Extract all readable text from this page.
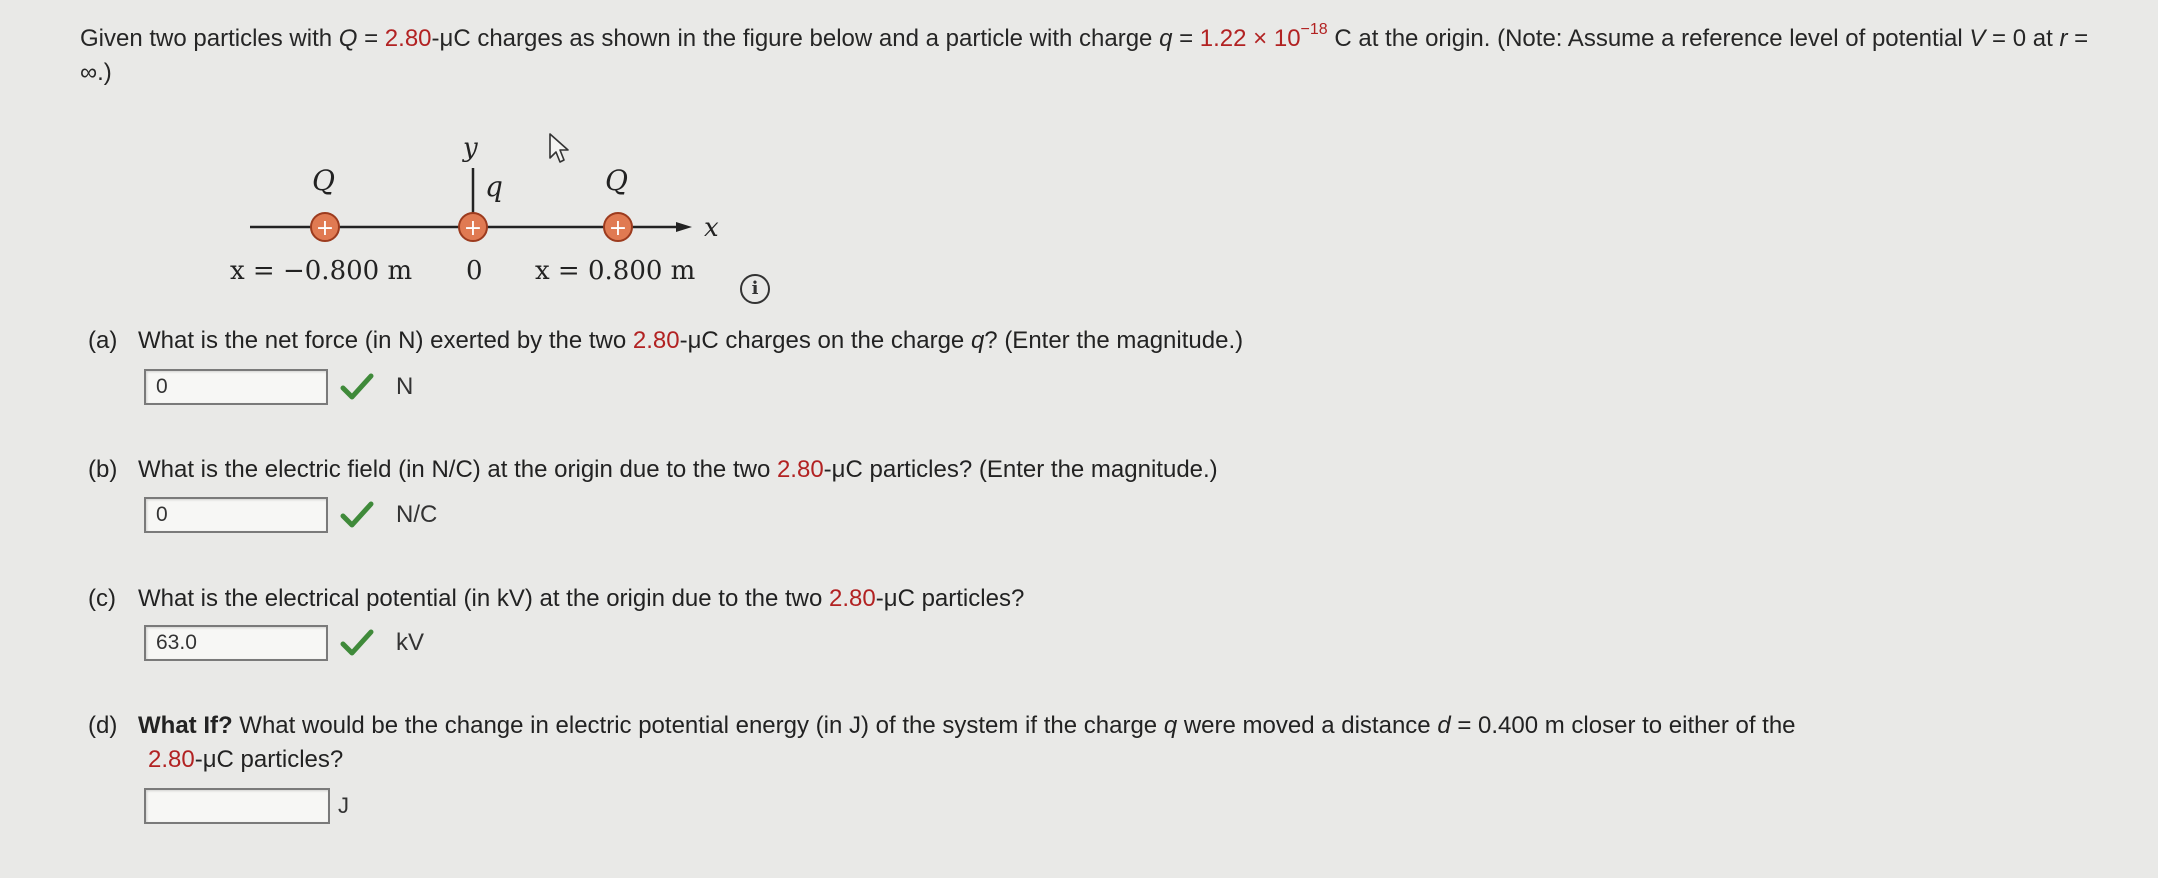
Given two particles with Q = 2.80-μC charges as shown in the figure below and a particle with charge $q = 1.22 \times 10^{-18}$ C at the origin. (Note: Assume a reference level of potential V = 0 at r = ∞.)
y
x
Q	q	Q
+	+	+
x = −0.800 m 0 x = 0.800 m
i
(a) What is the net force (in N) exerted by the two 2.80-μC charges on the charge q? (Enter the magnitude.)
0	N
(b) What is the electric field (in N/C) at the origin due to the two 2.80-μC particles? (Enter the magnitude.)
0	N/C
(c) What is the electrical potential (in kV) at the origin due to the two 2.80-μC particles?
63.0	kV
(d) What If? What would be the change in electric potential energy (in J) of the system if the charge q were moved a distance d = 0.400 m closer to either of the
2.80-μC particles?
J
